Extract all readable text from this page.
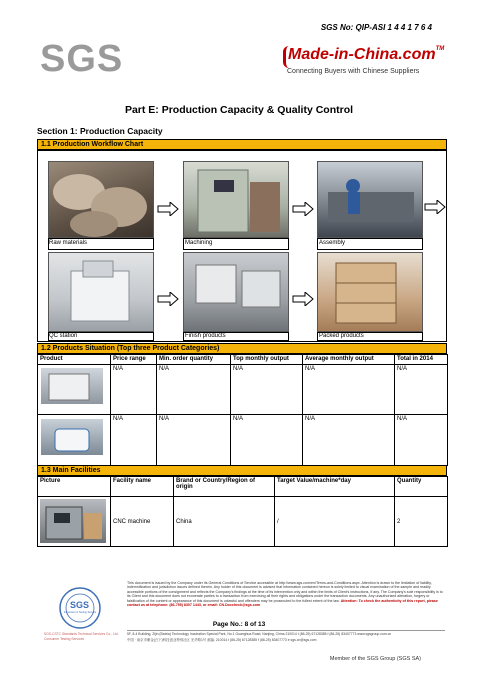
SGS No: QIP-ASI 1 4 4 1 7 6 4
SGS	Made-in-China.com™
Connecting Buyers with Chinese Suppliers
Part E: Production Capacity & Quality Control
Section 1: Production Capacity
1.1 Production Workflow Chart
Raw materials	Machining	Assembly
QC station	Finish products	Packed products
1.2 Products Situation (Top three Product Categories)
Product	Price range	Min. order quantity	Top monthly output	Average monthly output	Total in 2014

	N/A	N/A	N/A	N/A	N/A

	N/A	N/A	N/A	N/A	N/A
1.3 Main Facilities
Picture	Facility name	Brand or Country/Region of origin	Target Value/machine*day	Quantity

	CNC machine	China	/	2
SGS
Inspection & Testing Service
SGS-CSTC Standards Technical Services Co., Ltd.
Consumer Testing Services
This document is issued by the Company under its General Conditions of Service accessible at http://www.sgs.com/en/Terms-and-Conditions.aspx. Attention is drawn to the limitation of liability, indemnification and jurisdiction issues defined therein. Any holder of this document is advised that information contained hereon is solely limited to visual examination of the sample and readily accessible portions of the consignment and reflects the Company's findings at the time of its intervention only and within the limits of Client's instructions, if any. The Company's sole responsibility is to its Client and this document does not exonerate parties to a transaction from exercising all their rights and obligations under the transaction documents. Any unauthorized alteration, forgery or falsification of the content or appearance of this document is unlawful and offenders may be prosecuted to the fullest extent of the law. Attention: To check the authenticity of this report, please contact us at telephone: (86-755) 8307 1443, or email: CN.Doccheck@sgs.com
Page No.: 8 of 13
5F, 8-4 Building, Zijin (Baixia) Technology Incubation Special Park, No.1 Guanghua Road, Nanjing, China 210014 t (86-25) 67128385 f (86-25) 83407773 www.sgsgroup.com.cn
中国 · 南京市紫金(白下)科技创业特别社区 光华路1号 邮编: 210014 t (86-25) 67128385 f (86-25) 83407773 e sgs.cn@sgs.com
Member of the SGS Group (SGS SA)
